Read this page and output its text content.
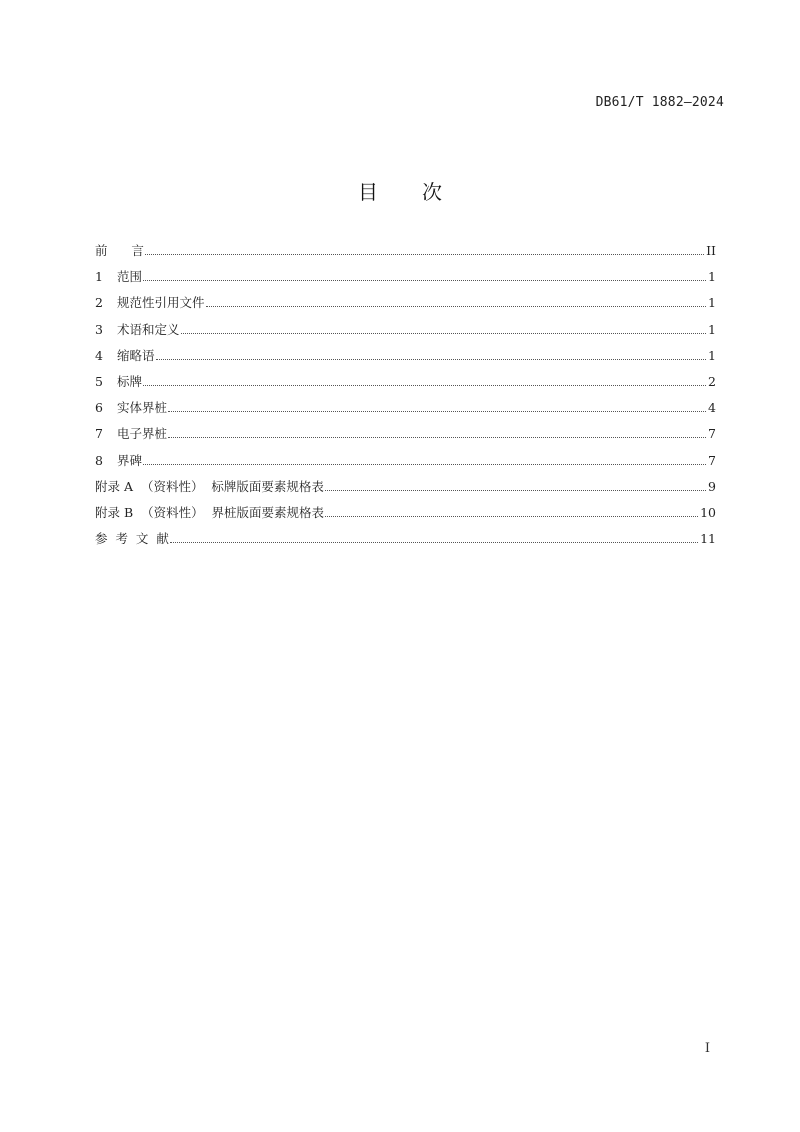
DB61/T 1882—2024
目 次
前      言	II
1	范围	1
2	规范性引用文件	1
3	术语和定义	1
4	缩略语	1
5	标牌	2
6	实体界桩	4
7	电子界桩	7
8	界碑	7
附录 A  （资料性）  标牌版面要素规格表	9
附录 B  （资料性）  界桩版面要素规格表	10
参  考  文  献	11
I
